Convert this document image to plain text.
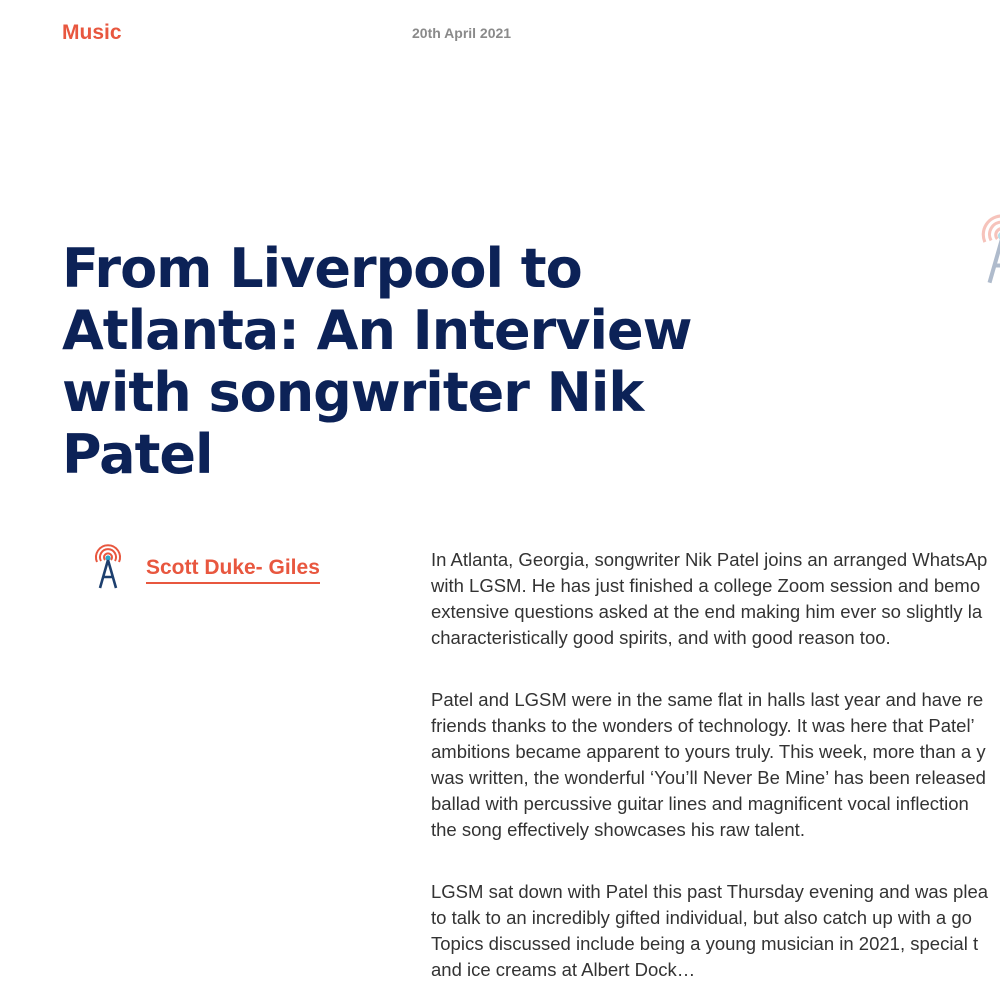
Music	20th April 2021
From Liverpool to Atlanta: An Interview with songwriter Nik Patel
Scott Duke- Giles	In Atlanta, Georgia, songwriter Nik Patel joins an arranged WhatsAp
with LGSM. He has just finished a college Zoom session and bemo
extensive questions asked at the end making him ever so slightly la
characteristically good spirits, and with good reason too.

Patel and LGSM were in the same flat in halls last year and have re
friends thanks to the wonders of technology. It was here that Patel’
ambitions became apparent to yours truly. This week, more than a y
was written, the wonderful ‘You’ll Never Be Mine’ has been released
ballad with percussive guitar lines and magnificent vocal inflection
the song effectively showcases his raw talent.

LGSM sat down with Patel this past Thursday evening and was plea
to talk to an incredibly gifted individual, but also catch up with a go
Topics discussed include being a young musician in 2021, special t
and ice creams at Albert Dock…
